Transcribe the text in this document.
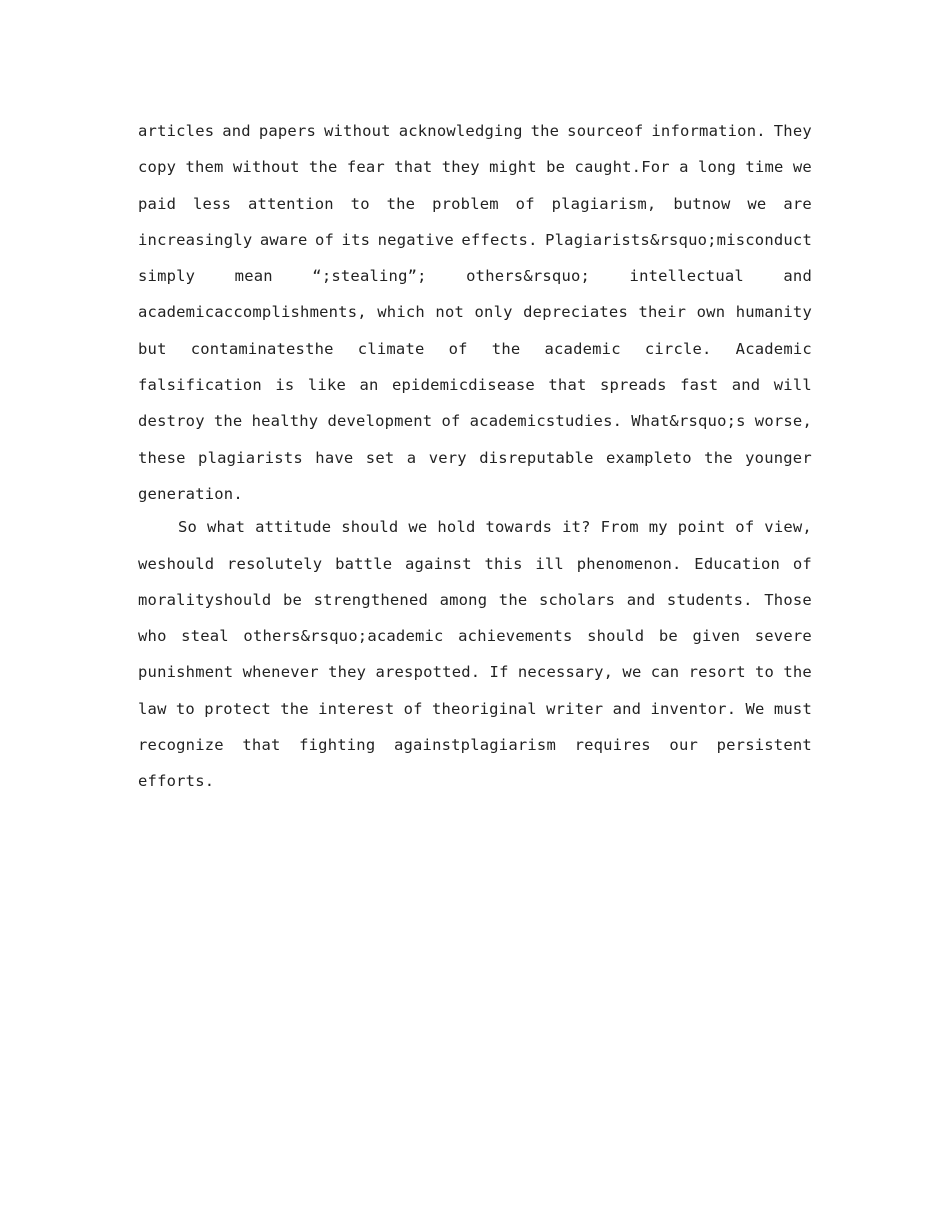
articles and papers without acknowledging the sourceof information. They
copy them without the fear that they might be caught.For a long time we
paid less attention to the problem of plagiarism, butnow we are
increasingly aware of its negative effects. Plagiarists&rsquo;misconduct
simply	mean	“;stealing”;	others&rsquo;	intellectual	and
academicaccomplishments, which not only depreciates their own humanity
but contaminatesthe climate of the academic circle. Academic
falsification is like an epidemicdisease that spreads fast and will
destroy the healthy development of academicstudies. What&rsquo;s worse,
these plagiarists have set a very disreputable exampleto the younger
generation.
So what attitude should we hold towards it? From my point of view,
weshould resolutely battle against this ill phenomenon. Education of
moralityshould be strengthened among the scholars and students. Those
who steal others&rsquo;academic achievements should be given severe
punishment whenever they arespotted. If necessary, we can resort to the
law to protect the interest of theoriginal writer and inventor. We must
recognize that fighting againstplagiarism requires our persistent
efforts.
